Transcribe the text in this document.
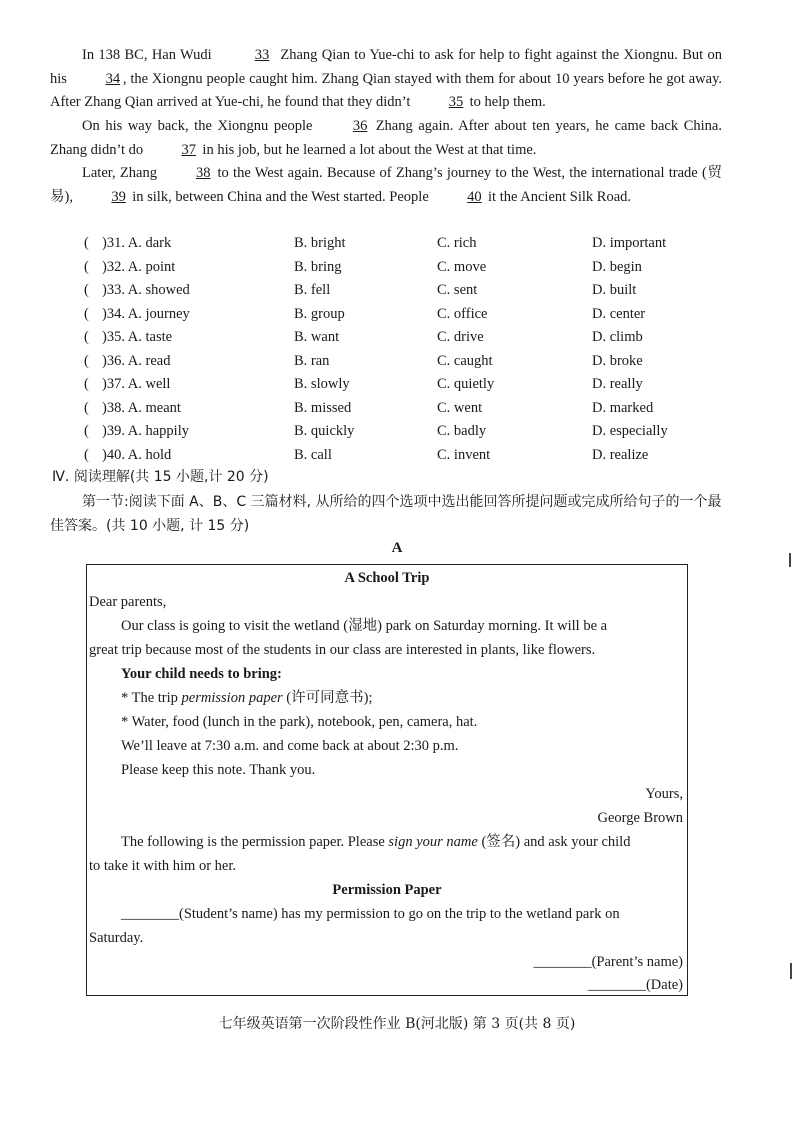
In 138 BC, Han Wudi	33 Zhang Qian to Yue-chi to ask for help to fight against the Xiongnu. But on his 34 , the Xiongnu people caught him. Zhang Qian stayed with them for about 10 years before he got away. After Zhang Qian arrived at Yue-chi, he found that they didn’t 35 to help them.
On his way back, the Xiongnu people 36 Zhang again. After about ten years, he came back China. Zhang didn’t do 37 in his job, but he learned a lot about the West at that time.
Later, Zhang 38 to the West again. Because of Zhang’s journey to the West, the international trade (贸易), 39 in silk, between China and the West started. People 40 it the Ancient Silk Road.
( )31. A. dark	B. bright	C. rich	D. important
( )32. A. point	B. bring	C. move	D. begin
( )33. A. showed	B. fell	C. sent	D. built
( )34. A. journey	B. group	C. office	D. center
( )35. A. taste	B. want	C. drive	D. climb
( )36. A. read	B. ran	C. caught	D. broke
( )37. A. well	B. slowly	C. quietly	D. really
( )38. A. meant	B. missed	C. went	D. marked
( )39. A. happily	B. quickly	C. badly	D. especially
( )40. A. hold	B. call	C. invent	D. realize
Ⅳ. 阅读理解(共 15 小题,计 20 分)
第一节:阅读下面 A、B、C 三篇材料, 从所给的四个选项中选出能回答所提问题或完成所给句子的一个最佳答案。(共 10 小题, 计 15 分)
A
A School Trip
Dear parents,
Our class is going to visit the wetland (湿地) park on Saturday morning. It will be a
great trip because most of the students in our class are interested in plants, like flowers.
Your child needs to bring:
* The trip permission paper (许可同意书);
* Water, food (lunch in the park), notebook, pen, camera, hat.
We’ll leave at 7:30 a.m. and come back at about 2:30 p.m.
Please keep this note. Thank you.
Yours,
George Brown
The following is the permission paper. Please sign your name (签名) and ask your child
to take it with him or her.
Permission Paper
________(Student’s name) has my permission to go on the trip to the wetland park on
Saturday.
________(Parent’s name)
________(Date)
七年级英语第一次阶段性作业 B(河北版) 第 3 页(共 8 页)
